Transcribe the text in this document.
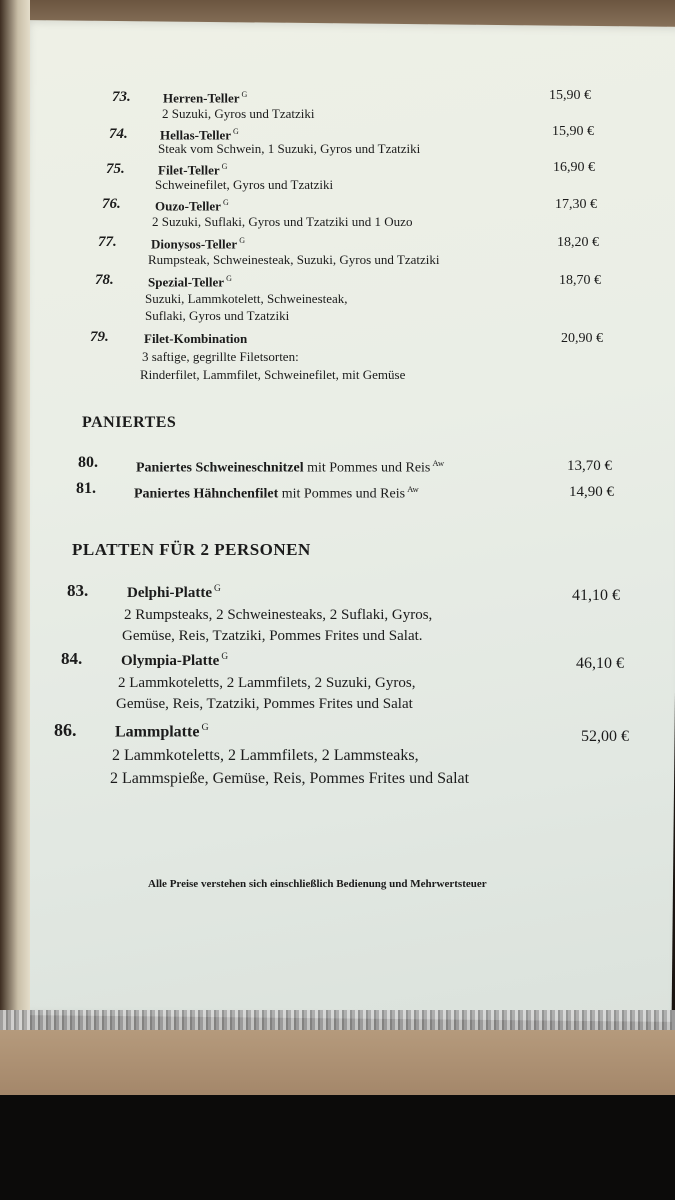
73. Herren-Teller $^G$
2 Suzuki, Gyros und Tzatziki
15,90 €
74. Hellas-Teller $^G$
Steak vom Schwein, 1 Suzuki, Gyros und Tzatziki
15,90 €
75.	Filet-Teller $^G$
Schweinefilet, Gyros und Tzatziki
16,90 €
76.	Ouzo-Teller $^G$
2 Suzuki, Suflaki, Gyros und Tzatziki und 1 Ouzo
17,30 €
77.	Dionysos-Teller $^G$
Rumpsteak, Schweinesteak, Suzuki, Gyros und Tzatziki
18,20 €
78.	Spezial-Teller $^G$
Suzuki, Lammkotelett, Schweinesteak,
Suflaki, Gyros und Tzatziki
18,70 €
79.	Filet-Kombination
3 saftige, gegrillte Filetsorten:
Rinderfilet, Lammfilet, Schweinefilet, mit Gemüse
20,90 €
PANIERTES
80.	Paniertes Schweineschnitzel mit Pommes und Reis $^{Aw}$	13,70 €
81.	Paniertes Hähnchenfilet mit Pommes und Reis $^{Aw}$	14,90 €
PLATTEN FÜR 2 PERSONEN
83.	Delphi-Platte $^G$
2 Rumpsteaks, 2 Schweinesteaks, 2 Suflaki, Gyros,
Gemüse, Reis, Tzatziki, Pommes Frites und Salat.
41,10 €
84.	Olympia-Platte $^G$
2 Lammkoteletts, 2 Lammfilets, 2 Suzuki, Gyros,
Gemüse, Reis, Tzatziki, Pommes Frites und Salat
46,10 €
86. Lammplatte $^G$
2 Lammkoteletts, 2 Lammfilets, 2 Lammsteaks,
2 Lammspieße, Gemüse, Reis, Pommes Frites und Salat
52,00 €
Alle Preise verstehen sich einschließlich Bedienung und Mehrwertsteuer
